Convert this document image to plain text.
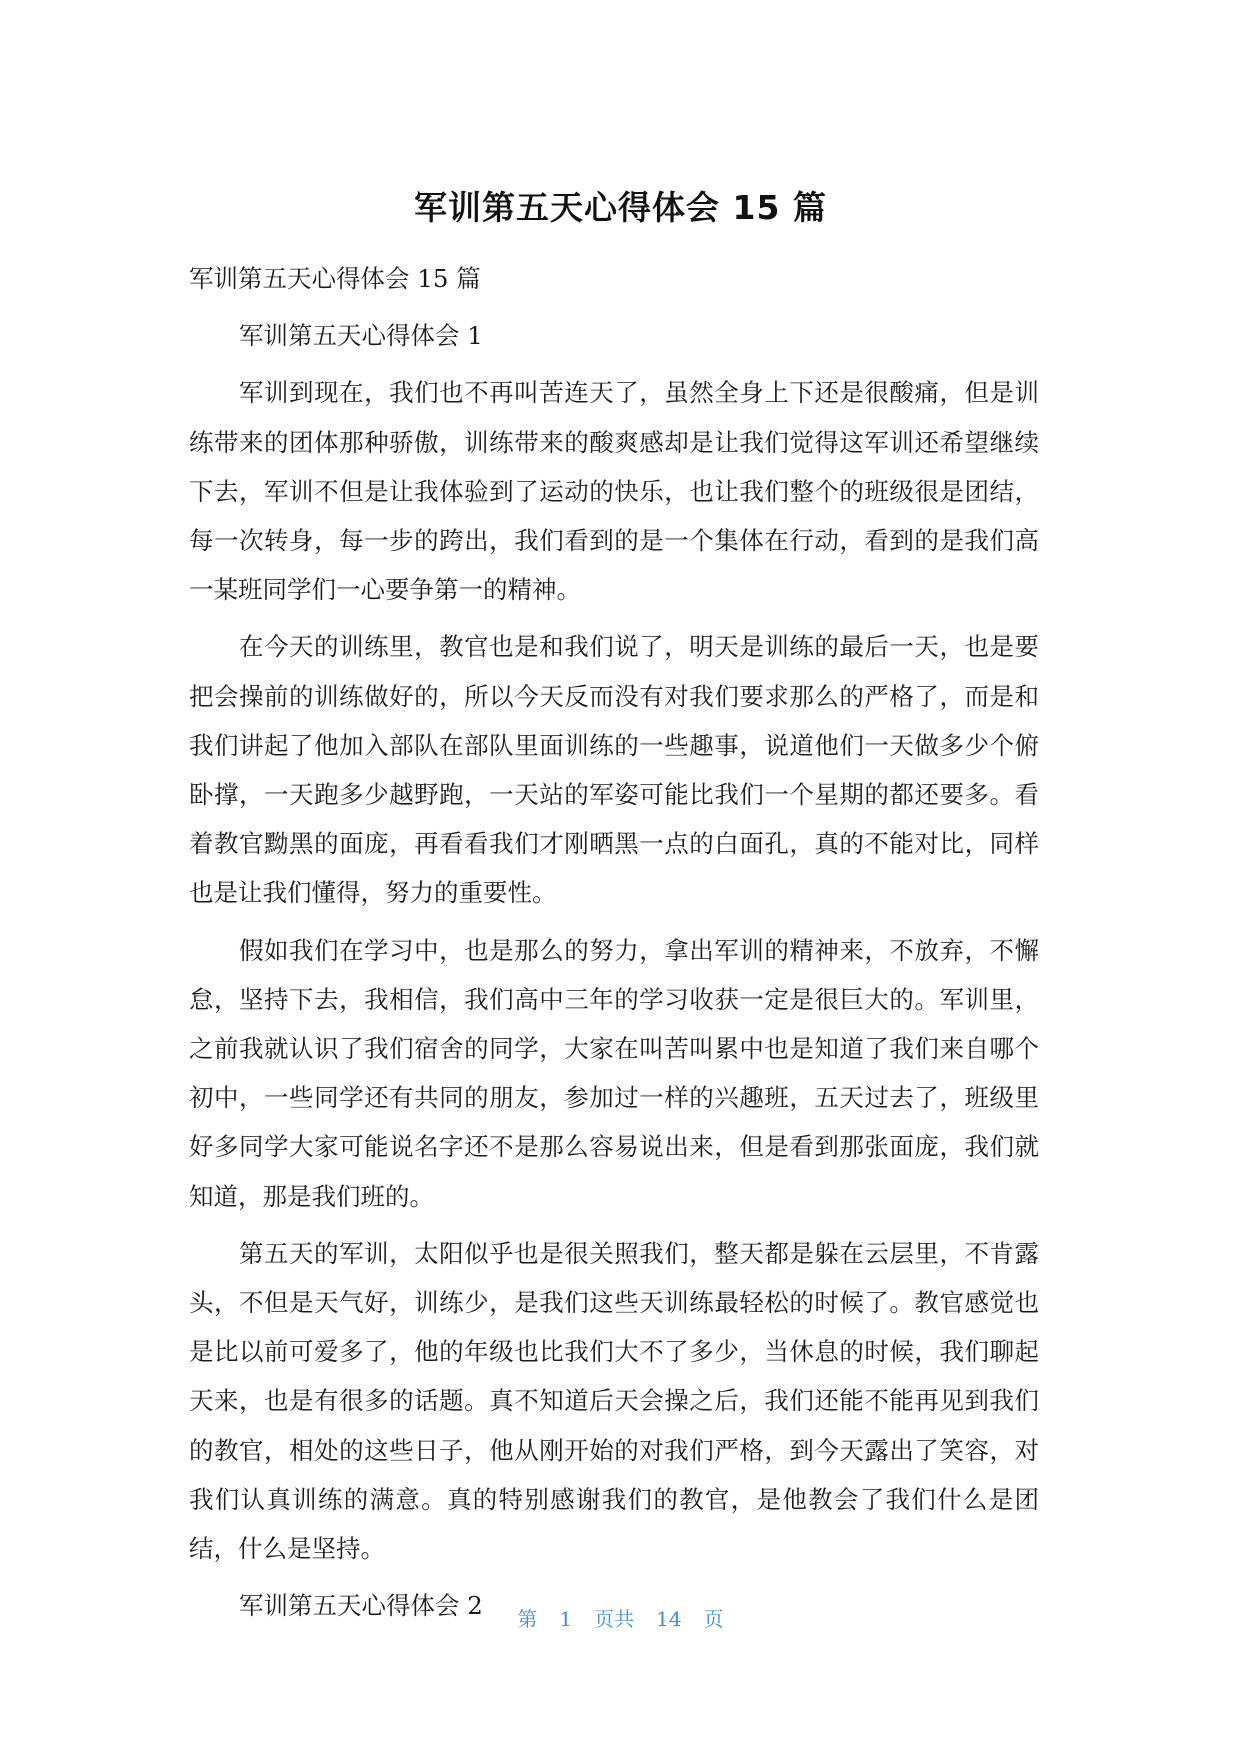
军训第五天心得体会 15 篇

军训第五天心得体会 15 篇

军训第五天心得体会 1

军训到现在，我们也不再叫苦连天了，虽然全身上下还是很酸痛，但是训练带来的团体那种骄傲，训练带来的酸爽感却是让我们觉得这军训还希望继续下去，军训不但是让我体验到了运动的快乐，也让我们整个的班级很是团结，每一次转身，每一步的跨出，我们看到的是一个集体在行动，看到的是我们高一某班同学们一心要争第一的精神。

在今天的训练里，教官也是和我们说了，明天是训练的最后一天，也是要把会操前的训练做好的，所以今天反而没有对我们要求那么的严格了，而是和我们讲起了他加入部队在部队里面训练的一些趣事，说道他们一天做多少个俯卧撑，一天跑多少越野跑，一天站的军姿可能比我们一个星期的都还要多。看着教官黝黑的面庞，再看看我们才刚晒黑一点的白面孔，真的不能对比，同样也是让我们懂得，努力的重要性。

假如我们在学习中，也是那么的努力，拿出军训的精神来，不放弃，不懈怠，坚持下去，我相信，我们高中三年的学习收获一定是很巨大的。军训里，之前我就认识了我们宿舍的同学，大家在叫苦叫累中也是知道了我们来自哪个初中，一些同学还有共同的朋友，参加过一样的兴趣班，五天过去了，班级里好多同学大家可能说名字还不是那么容易说出来，但是看到那张面庞，我们就知道，那是我们班的。

第五天的军训，太阳似乎也是很关照我们，整天都是躲在云层里，不肯露头，不但是天气好，训练少，是我们这些天训练最轻松的时候了。教官感觉也是比以前可爱多了，他的年级也比我们大不了多少，当休息的时候，我们聊起天来，也是有很多的话题。真不知道后天会操之后，我们还能不能再见到我们的教官，相处的这些日子，他从刚开始的对我们严格，到今天露出了笑容，对我们认真训练的满意。真的特别感谢我们的教官，是他教会了我们什么是团结，什么是坚持。

军训第五天心得体会 2	第 1 页共 14 页
